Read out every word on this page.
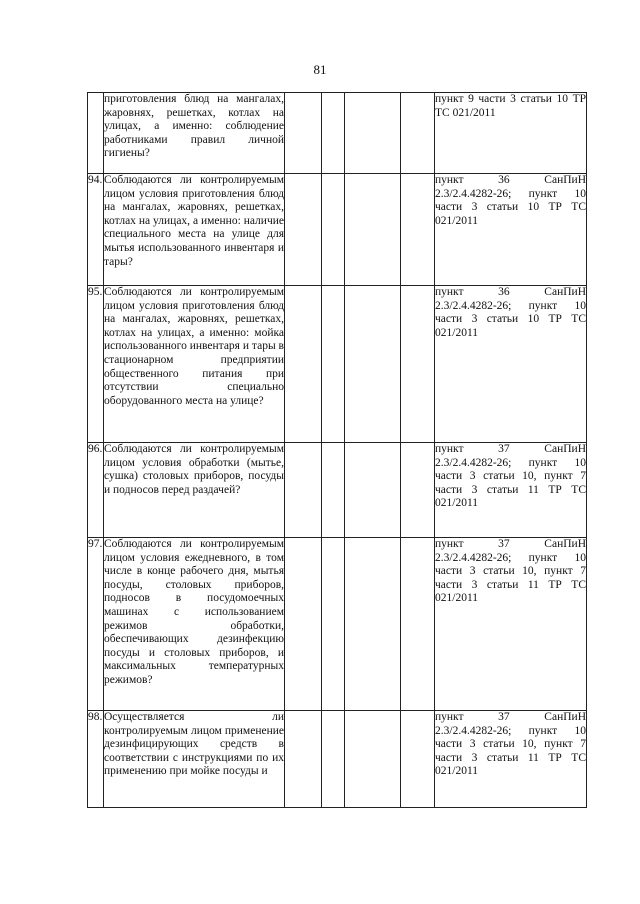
81
	приготовления блюд на мангалах, жаровнях, решетках, котлах на улицах, а именно: соблюдение работниками правил личной гигиены?					пункт 9 части 3 статьи 10 ТР ТС 021/2011
94.	Соблюдаются ли контролируемым лицом условия приготовления блюд на мангалах, жаровнях, решетках, котлах на улицах, а именно: наличие специального места на улице для мытья использованного инвентаря и тары?					пункт 36 СанПиН 2.3/2.4.4282-26; пункт 10 части 3 статьи 10 ТР ТС 021/2011
95.	Соблюдаются ли контролируемым лицом условия приготовления блюд на мангалах, жаровнях, решетках, котлах на улицах, а именно: мойка использованного инвентаря и тары в стационарном предприятии общественного питания при отсутствии специально оборудованного места на улице?					пункт 36 СанПиН 2.3/2.4.4282-26; пункт 10 части 3 статьи 10 ТР ТС 021/2011
96.	Соблюдаются ли контролируемым лицом условия обработки (мытье, сушка) столовых приборов, посуды и подносов перед раздачей?					пункт 37 СанПиН 2.3/2.4.4282-26; пункт 10 части 3 статьи 10, пункт 7 части 3 статьи 11 ТР ТС 021/2011
97.	Соблюдаются ли контролируемым лицом условия ежедневного, в том числе в конце рабочего дня, мытья посуды, столовых приборов, подносов в посудомоечных машинах с использованием режимов обработки, обеспечивающих дезинфекцию посуды и столовых приборов, и максимальных температурных режимов?					пункт 37 СанПиН 2.3/2.4.4282-26; пункт 10 части 3 статьи 10, пункт 7 части 3 статьи 11 ТР ТС 021/2011
98.	Осуществляется ли контролируемым лицом применение дезинфицирующих средств в соответствии с инструкциями по их применению при мойке посуды и					пункт 37 СанПиН 2.3/2.4.4282-26; пункт 10 части 3 статьи 10, пункт 7 части 3 статьи 11 ТР ТС 021/2011
